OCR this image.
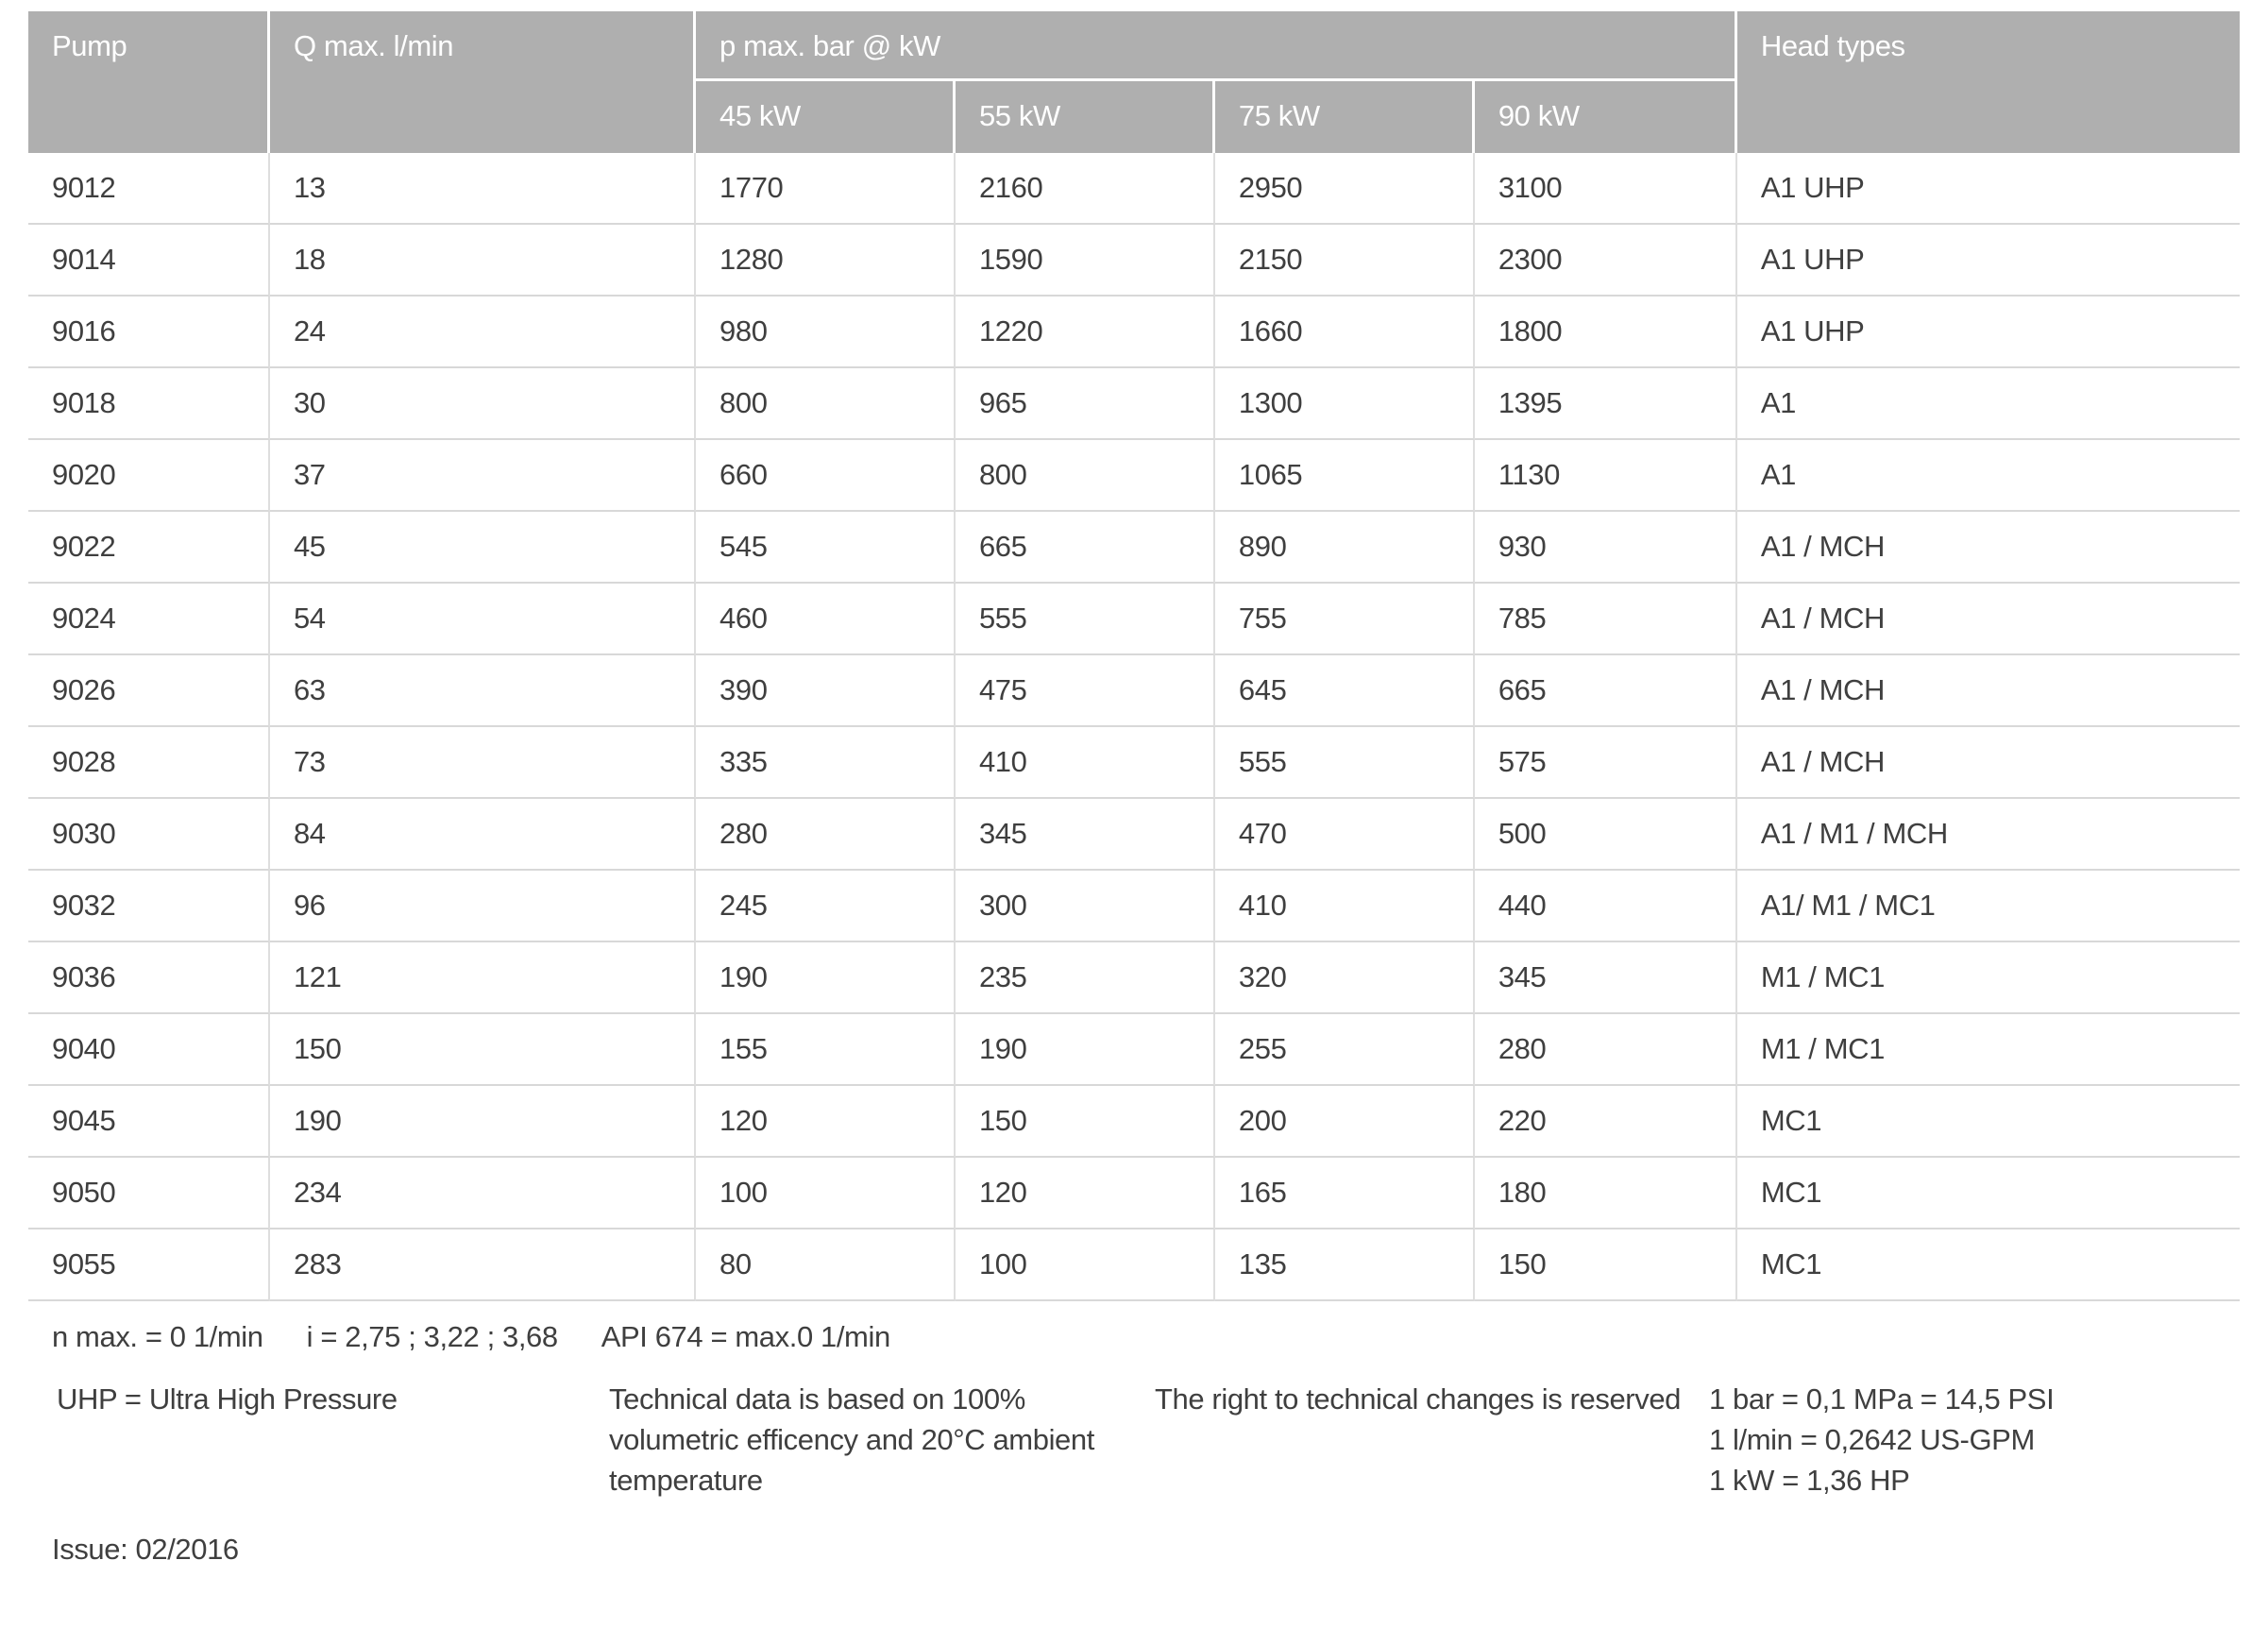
Pump	Q max. l/min	p max. bar @ kW				Head types
		45 kW	55 kW	75 kW	90 kW	
9012	13	1770	2160	2950	3100	A1 UHP
9014	18	1280	1590	2150	2300	A1 UHP
9016	24	980	1220	1660	1800	A1 UHP
9018	30	800	965	1300	1395	A1
9020	37	660	800	1065	1130	A1
9022	45	545	665	890	930	A1 / MCH
9024	54	460	555	755	785	A1 / MCH
9026	63	390	475	645	665	A1 / MCH
9028	73	335	410	555	575	A1 / MCH
9030	84	280	345	470	500	A1 / M1 / MCH
9032	96	245	300	410	440	A1/ M1 / MC1
9036	121	190	235	320	345	M1 / MC1
9040	150	155	190	255	280	M1 / MC1
9045	190	120	150	200	220	MC1
9050	234	100	120	165	180	MC1
9055	283	80	100	135	150	MC1
n max. = 0 1/min i = 2,75 ; 3,22 ; 3,68 API 674 = max.0 1/min
UHP = Ultra High Pressure	Technical data is based on 100% volumetric efficency and 20°C ambient temperature
The right to technical changes is reserved 1 bar = 0,1 MPa = 14,5 PSI
1 l/min = 0,2642 US-GPM
1 kW = 1,36 HP
Issue: 02/2016
